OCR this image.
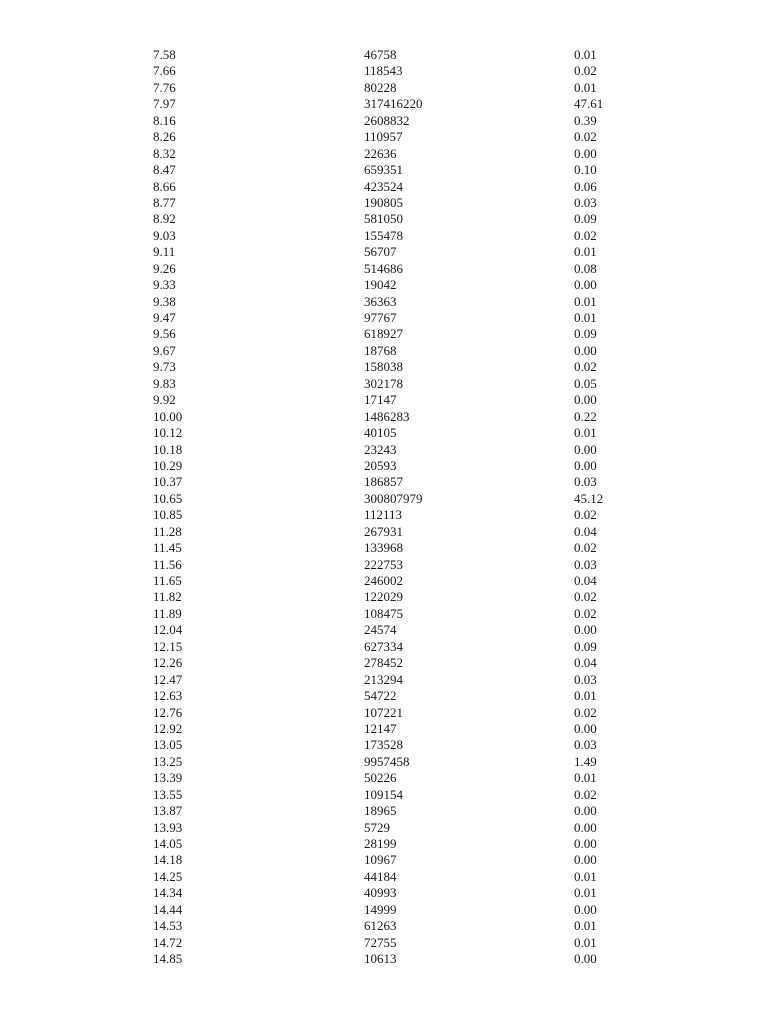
7.58	46758	0.01
7.66	118543	0.02
7.76	80228	0.01
7.97	317416220	47.61
8.16	2608832	0.39
8.26	110957	0.02
8.32	22636	0.00
8.47	659351	0.10
8.66	423524	0.06
8.77	190805	0.03
8.92	581050	0.09
9.03	155478	0.02
9.11	56707	0.01
9.26	514686	0.08
9.33	19042	0.00
9.38	36363	0.01
9.47	97767	0.01
9.56	618927	0.09
9.67	18768	0.00
9.73	158038	0.02
9.83	302178	0.05
9.92	17147	0.00
10.00	1486283	0.22
10.12	40105	0.01
10.18	23243	0.00
10.29	20593	0.00
10.37	186857	0.03
10.65	300807979	45.12
10.85	112113	0.02
11.28	267931	0.04
11.45	133968	0.02
11.56	222753	0.03
11.65	246002	0.04
11.82	122029	0.02
11.89	108475	0.02
12.04	24574	0.00
12.15	627334	0.09
12.26	278452	0.04
12.47	213294	0.03
12.63	54722	0.01
12.76	107221	0.02
12.92	12147	0.00
13.05	173528	0.03
13.25	9957458	1.49
13.39	50226	0.01
13.55	109154	0.02
13.87	18965	0.00
13.93	5729	0.00
14.05	28199	0.00
14.18	10967	0.00
14.25	44184	0.01
14.34	40993	0.01
14.44	14999	0.00
14.53	61263	0.01
14.72	72755	0.01
14.85	10613	0.00
